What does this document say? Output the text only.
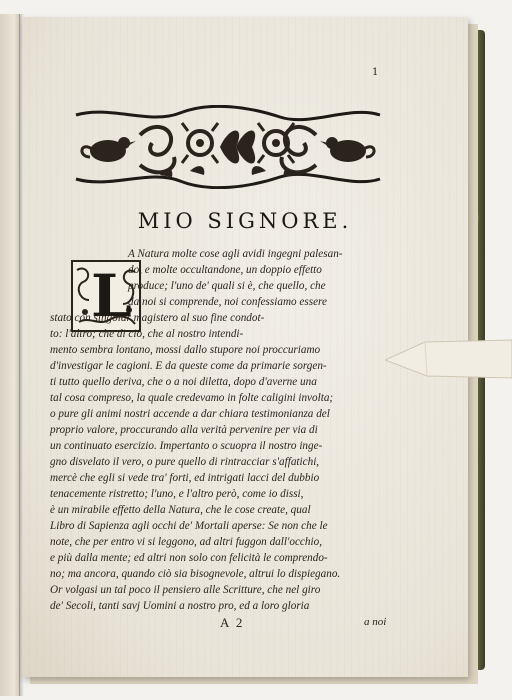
1
MIO SIGNORE.
L
A Natura molte cose agli avidi ingegni palesan-
do, e molte occultandone, un doppio effetto
produce; l'uno de' quali si è, che quello, che
da noi si comprende, noi confessiamo essere
stato con singolar magistero al suo fine condot-
to: l'altro; che di ciò, che al nostro intendi-
mento sembra lontano, mossi dallo stupore noi proccuriamo
d'investigar le cagioni. E da queste come da primarie sorgen-
ti tutto quello deriva, che o a noi diletta, dopo d'averne una
tal cosa compreso, la quale credevamo in folte caligini involta;
o pure gli animi nostri accende a dar chiara testimonianza del
proprio valore, proccurando alla verità pervenire per via di
un continuato esercizio. Impertanto o scuopra il nostro inge-
gno disvelato il vero, o pure quello di rintracciar s'affatichi,
mercè che egli si vede tra' forti, ed intrigati lacci del dubbio
tenacemente ristretto; l'uno, e l'altro però, come io dissi,
è un mirabile effetto della Natura, che le cose create, qual
Libro di Sapienza agli occhi de' Mortali aperse: Se non che le
note, che per entro vi si leggono, ad altri fuggon dall'occhio,
e più dalla mente; ed altri non solo con felicità le comprendo-
no; ma ancora, quando ciò sia bisognevole, altrui lo dispiegano.
Or volgasi un tal poco il pensiero alle Scritture, che nel giro
de' Secoli, tanti savj Uomini a nostro pro, ed a loro gloria
A 2	a noi
